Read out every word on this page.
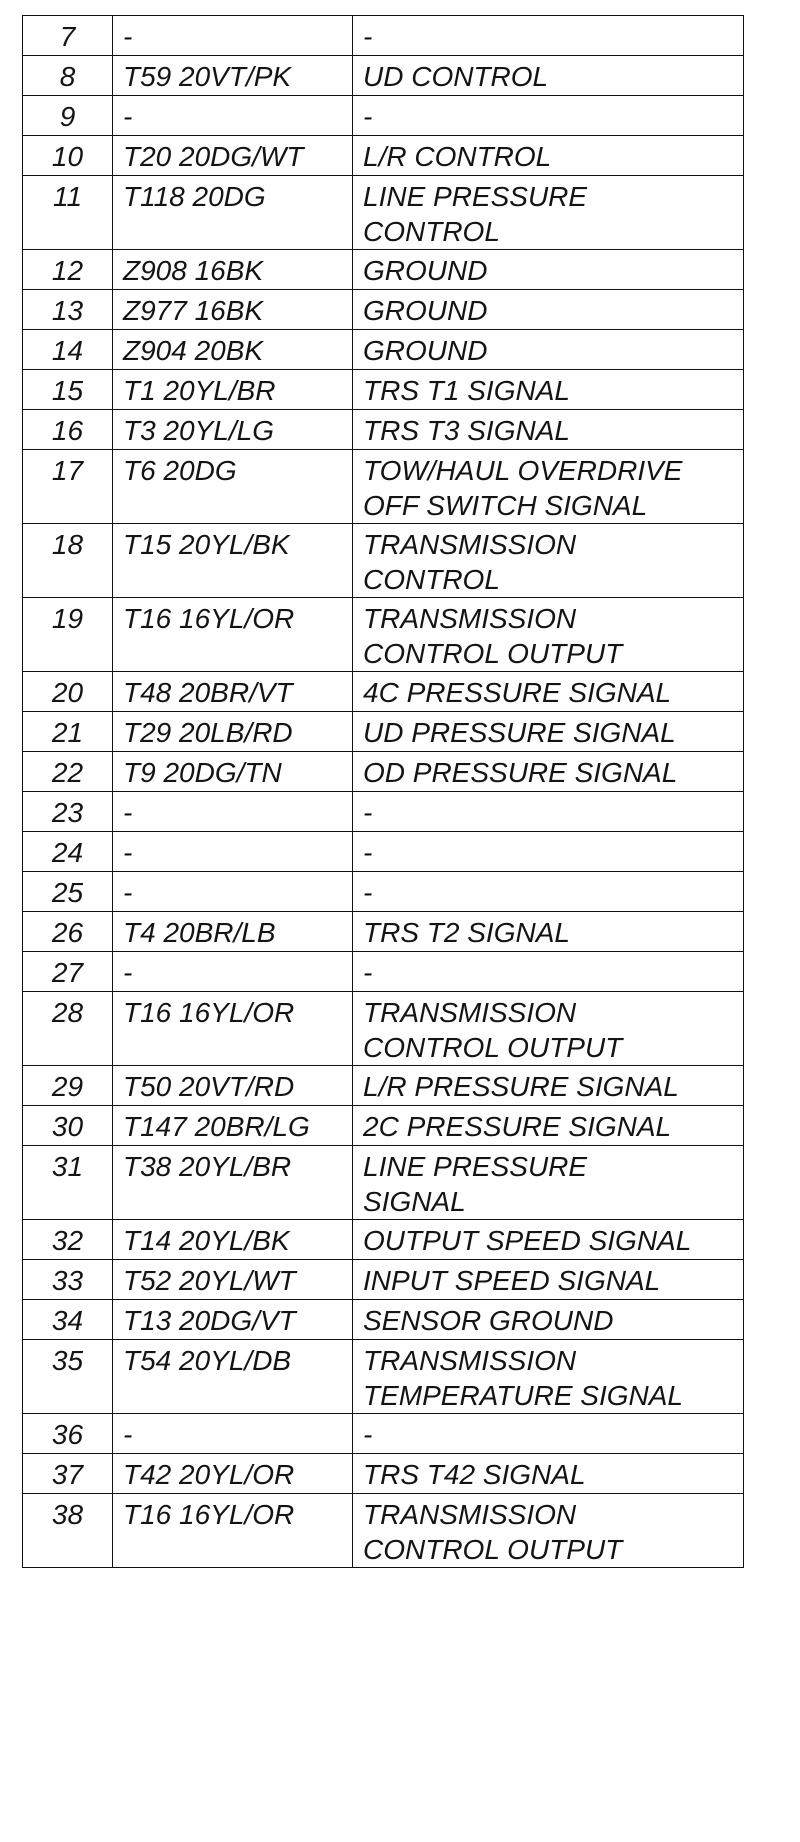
7	-	-
8	T59 20VT/PK	UD CONTROL
9	-	-
10	T20 20DG/WT	L/R CONTROL
11	T118 20DG	LINE PRESSURE
CONTROL
12	Z908 16BK	GROUND
13	Z977 16BK	GROUND
14	Z904 20BK	GROUND
15	T1 20YL/BR	TRS T1 SIGNAL
16	T3 20YL/LG	TRS T3 SIGNAL
17	T6 20DG	TOW/HAUL OVERDRIVE
OFF SWITCH SIGNAL
18	T15 20YL/BK	TRANSMISSION
CONTROL
19	T16 16YL/OR	TRANSMISSION
CONTROL OUTPUT
20	T48 20BR/VT	4C PRESSURE SIGNAL
21	T29 20LB/RD	UD PRESSURE SIGNAL
22	T9 20DG/TN	OD PRESSURE SIGNAL
23	-	-
24	-	-
25	-	-
26	T4 20BR/LB	TRS T2 SIGNAL
27	-	-
28	T16 16YL/OR	TRANSMISSION
CONTROL OUTPUT
29	T50 20VT/RD	L/R PRESSURE SIGNAL
30	T147 20BR/LG	2C PRESSURE SIGNAL
31	T38 20YL/BR	LINE PRESSURE
SIGNAL
32	T14 20YL/BK	OUTPUT SPEED SIGNAL
33	T52 20YL/WT	INPUT SPEED SIGNAL
34	T13 20DG/VT	SENSOR GROUND
35	T54 20YL/DB	TRANSMISSION
TEMPERATURE SIGNAL
36	-	-
37	T42 20YL/OR	TRS T42 SIGNAL
38	T16 16YL/OR	TRANSMISSION
CONTROL OUTPUT
